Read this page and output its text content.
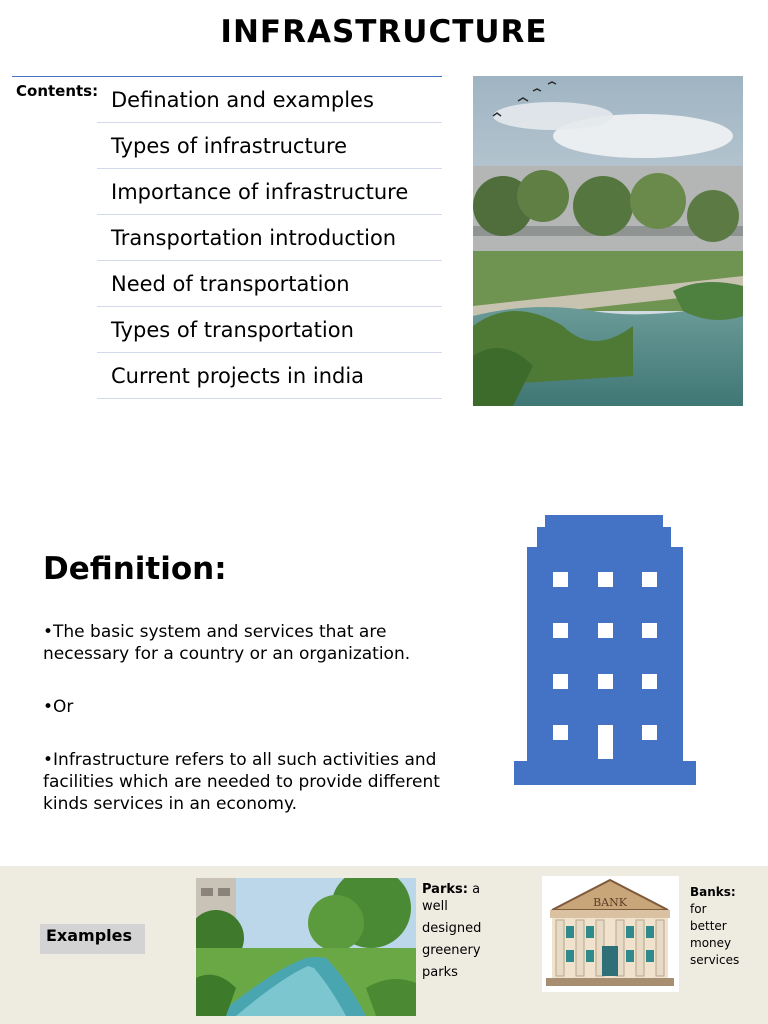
INFRASTRUCTURE
Contents: Defination and examples
Types of infrastructure
Importance of infrastructure
Transportation introduction
Need of transportation
Types of transportation
Current projects in india
Definition:
•The basic system and services that are necessary for a country or an organization.
•Or
•Infrastructure refers to all such activities and facilities which are needed to provide different kinds services in an economy.
Examples
Parks: a
well
designed
greenery
parks
BANK
Banks:
for
better
money
services
